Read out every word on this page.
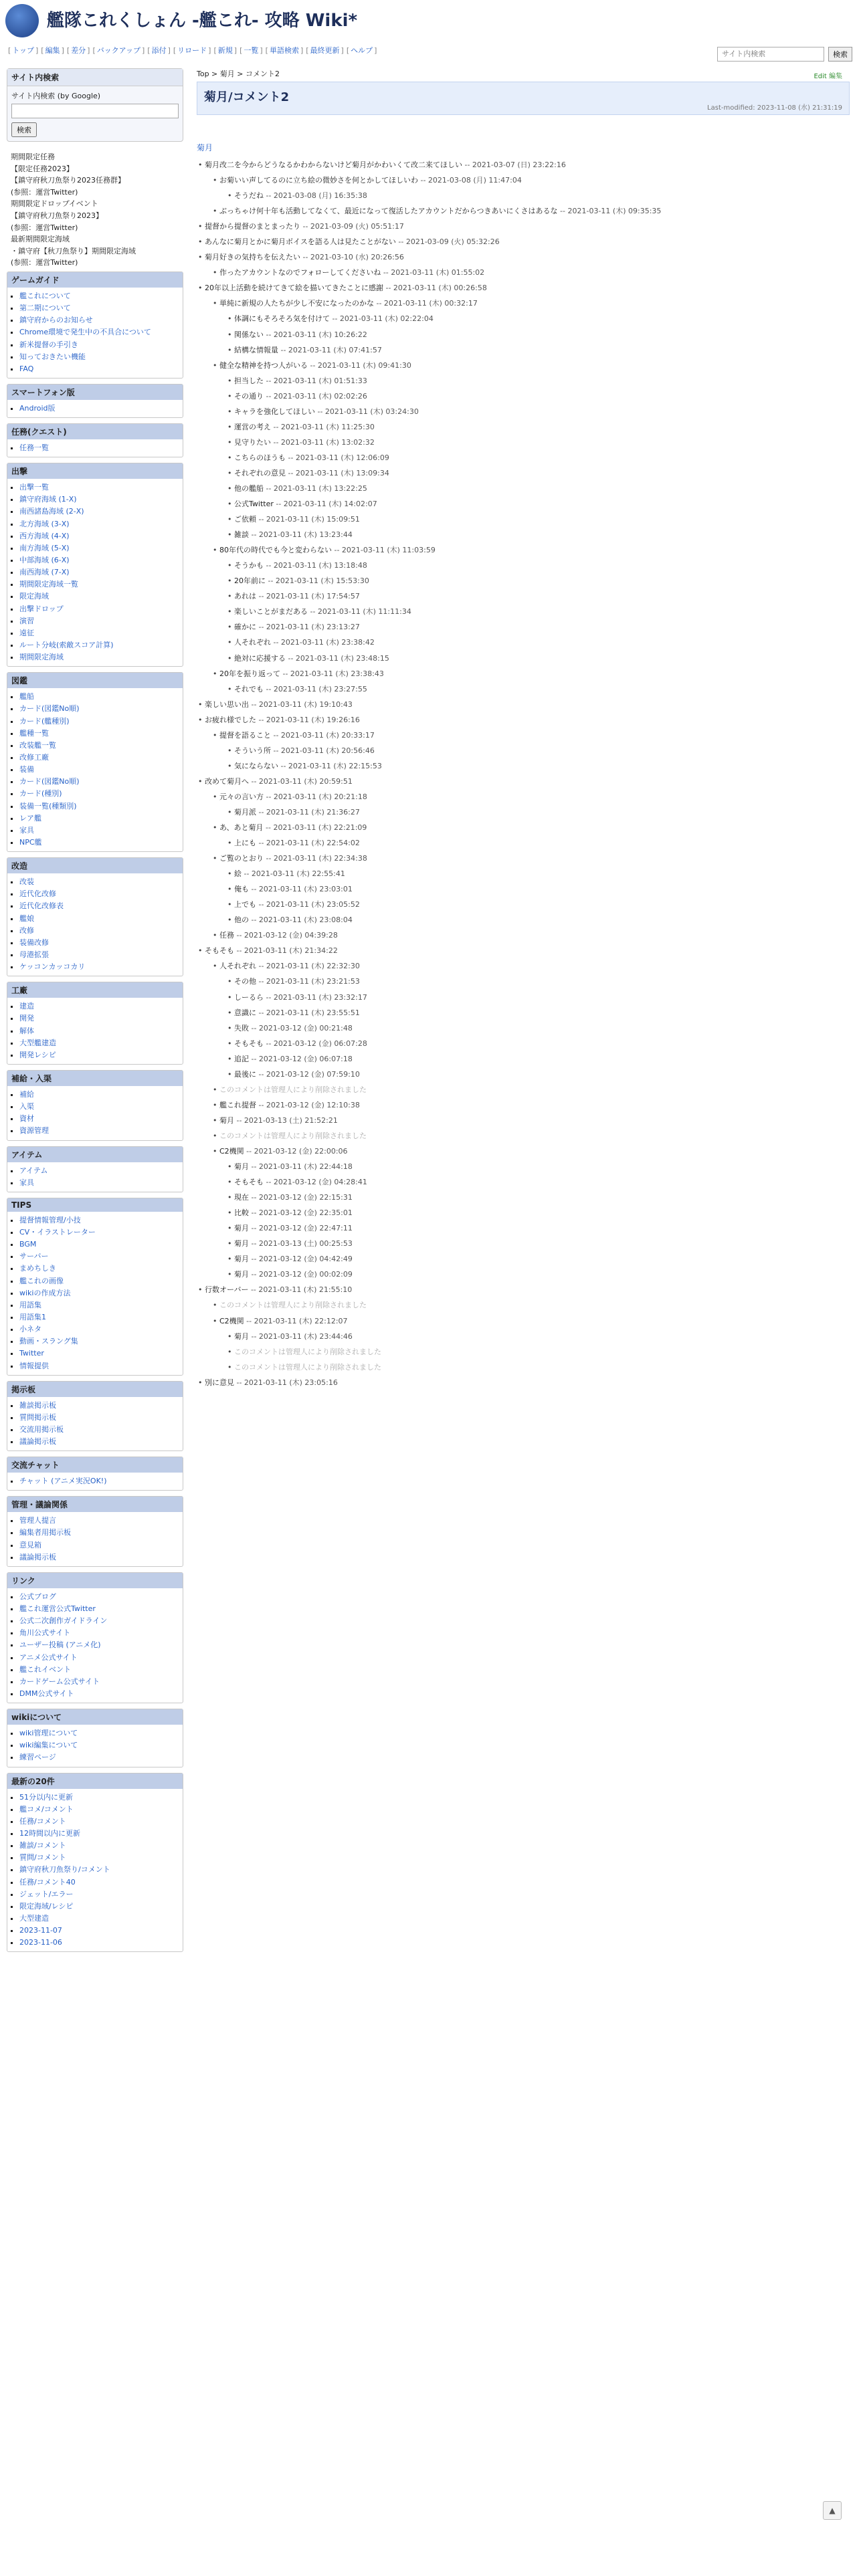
艦隊これくしょん -艦これ- 攻略 Wiki*
[ トップ ] [ 編集 ] [ 差分 ] [ バックアップ ] [ 添付 ] [ リロード ] [ 新規 ] [ 一覧 ] [ 単語検索 ] [ 最終更新 ] [ ヘルプ ]
サイト内検索	検索
サイト内検索
サイト内検索 (by Google)
検索
期間限定任務
【限定任務2023】
【鎮守府秋刀魚祭り2023任務群】
(参照：運営Twitter)
期間限定ドロップイベント
【鎮守府秋刀魚祭り2023】
(参照：運営Twitter)
最新期間限定海域
・鎮守府【秋刀魚祭り】期間限定海域
(参照：運営Twitter)
ゲームガイド
▪ 艦これについて
▪ 第二期について
▪ 鎮守府からのお知らせ
▪ Chrome環境で発生中の不具合について
▪ 新米提督の手引き
▪ 知っておきたい機能
▪ FAQ
スマートフォン版
▪ Android版
任務(クエスト)
▪ 任務一覧
出撃
▪ 出撃一覧
▪ 鎮守府海域 (1-X)
▪ 南西諸島海域 (2-X)
▪ 北方海域 (3-X)
▪ 西方海域 (4-X)
▪ 南方海域 (5-X)
▪ 中部海域 (6-X)
▪ 南西海域 (7-X)
▪ 期間限定海域一覧
▪ 限定海域
▪ 出撃ドロップ
▪ 演習
▪ 遠征
▪ ルート分岐(索敵スコア計算)
▪ 期間限定海域
図鑑
▪ 艦船
▪ カード(図鑑No順)
▪ カード(艦種別)
▪ 艦種一覧
▪ 改装艦一覧
▪ 改修工廠
▪ 装備
▪ カード(図鑑No順)
▪ カード(種別)
▪ 装備一覧(種類別)
▪ レア艦
▪ 家具
▪ NPC艦
改造
▪ 改装
▪ 近代化改修
▪ 近代化改修表
▪ 艦娘
▪ 改修
▪ 装備改修
▪ 母港拡張
▪ ケッコンカッコカリ
工廠
▪ 建造
▪ 開発
▪ 解体
▪ 大型艦建造
▪ 開発レシピ
補給・入渠
▪ 補給
▪ 入渠
▪ 資材
▪ 資源管理
アイテム
▪ アイテム
▪ 家具
TIPS
▪ 提督情報管理/小技
▪ CV・イラストレーター
▪ BGM
▪ サーバー
▪ まめちしき
▪ 艦これの画像
▪ wikiの作成方法
▪ 用語集
▪ 用語集1
▪ 小ネタ
▪ 動画・スラング集
▪ Twitter
▪ 情報提供
掲示板
▪ 雑談掲示板
▪ 質問掲示板
▪ 交流用掲示板
▪ 議論掲示板
交流チャット
▪ チャット (アニメ実況OK!)
管理・議論関係
▪ 管理人提言
▪ 編集者用掲示板
▪ 意見箱
▪ 議論掲示板
リンク
▪ 公式ブログ
▪ 艦これ運営公式Twitter
▪ 公式二次創作ガイドライン
▪ 角川公式サイト
▪ ユーザー投稿 (アニメ化)
▪ アニメ公式サイト
▪ 艦これイベント
▪ カードゲーム公式サイト
▪ DMM公式サイト
wikiについて
▪ wiki管理について
▪ wiki編集について
▪ 練習ページ
最新の20件
▪ 51分以内に更新
▪ 艦コメ/コメント
▪ 任務/コメント
▪ 12時間以内に更新
▪ 雑談/コメント
▪ 質問/コメント
▪ 鎮守府秋刀魚祭り/コメント
▪ 任務/コメント40
▪ ジェット/エラー
▪ 限定海域/レシピ
▪ 大型建造
▪ 2023-11-07
▪ 2023-11-06
Top > 菊月 > コメント2	Edit 編集
菊月/コメント2
Last-modified: 2023-11-08 (水) 21:31:19
菊月
• 菊月改二を今からどうなるかわからないけど菊月がかわいくて改二来てほしい -- 2021-03-07 (日) 23:22:16
• お菊いい声してるのに立ち絵の微妙さを何とかしてほしいわ -- 2021-03-08 (月) 11:47:04
• そうだね -- 2021-03-08 (月) 16:35:38
• ぶっちゃけ何十年も活動してなくて、最近になって復活したアカウントだからつきあいにくさはあるな -- 2021-03-11 (木) 09:35:35
• 提督から提督のまとまったり -- 2021-03-09 (火) 05:51:17
• あんなに菊月とかに菊月ボイスを語る人は見たことがない -- 2021-03-09 (火) 05:32:26
• 菊月好きの気持ちを伝えたい -- 2021-03-10 (水) 20:26:56
• 作ったアカウントなのでフォローしてくださいね -- 2021-03-11 (木) 01:55:02
• 20年以上活動を続けてきて絵を描いてきたことに感謝 -- 2021-03-11 (木) 00:26:58
• 単純に新規の人たちが少し不安になったのかな -- 2021-03-11 (木) 00:32:17
• 体調にもそろそろ気を付けて -- 2021-03-11 (木) 02:22:04
• 関係ない -- 2021-03-11 (木) 10:26:22
• 結構な情報量 -- 2021-03-11 (木) 07:41:57
• 健全な精神を持つ人がいる -- 2021-03-11 (木) 09:41:30
• 担当した -- 2021-03-11 (木) 01:51:33
• その通り -- 2021-03-11 (木) 02:02:26
• キャラを強化してほしい -- 2021-03-11 (木) 03:24:30
• 運営の考え -- 2021-03-11 (木) 11:25:30
• 見守りたい -- 2021-03-11 (木) 13:02:32
• こちらのほうも -- 2021-03-11 (木) 12:06:09
• それぞれの意見 -- 2021-03-11 (木) 13:09:34
• 他の艦船 -- 2021-03-11 (木) 13:22:25
• 公式Twitter -- 2021-03-11 (木) 14:02:07
• ご依頼 -- 2021-03-11 (木) 15:09:51
• 雑談 -- 2021-03-11 (木) 13:23:44
• 80年代の時代でも今と変わらない -- 2021-03-11 (木) 11:03:59
• そうかも -- 2021-03-11 (木) 13:18:48
• 20年前に -- 2021-03-11 (木) 15:53:30
• あれは -- 2021-03-11 (木) 17:54:57
• 楽しいことがまだある -- 2021-03-11 (木) 11:11:34
• 確かに -- 2021-03-11 (木) 23:13:27
• 人それぞれ -- 2021-03-11 (木) 23:38:42
• 絶対に応援する -- 2021-03-11 (木) 23:48:15
• 20年を振り返って -- 2021-03-11 (木) 23:38:43
• それでも -- 2021-03-11 (木) 23:27:55
• 楽しい思い出 -- 2021-03-11 (木) 19:10:43
• お疲れ様でした -- 2021-03-11 (木) 19:26:16
• 提督を語ること -- 2021-03-11 (木) 20:33:17
• そういう所 -- 2021-03-11 (木) 20:56:46
• 気にならない -- 2021-03-11 (木) 22:15:53
• 改めて菊月へ -- 2021-03-11 (木) 20:59:51
• 元々の言い方 -- 2021-03-11 (木) 20:21:18
• 菊月派 -- 2021-03-11 (木) 21:36:27
• あ、あと菊月 -- 2021-03-11 (木) 22:21:09
• 上にも -- 2021-03-11 (木) 22:54:02
• ご覧のとおり -- 2021-03-11 (木) 22:34:38
• 絵 -- 2021-03-11 (木) 22:55:41
• 俺も -- 2021-03-11 (木) 23:03:01
• 上でも -- 2021-03-11 (木) 23:05:52
• 他の -- 2021-03-11 (木) 23:08:04
• 任務 -- 2021-03-12 (金) 04:39:28
• そもそも -- 2021-03-11 (木) 21:34:22
• 人それぞれ -- 2021-03-11 (木) 22:32:30
• その他 -- 2021-03-11 (木) 23:21:53
• しーるら -- 2021-03-11 (木) 23:32:17
• 意識に -- 2021-03-11 (木) 23:55:51
• 失敗 -- 2021-03-12 (金) 00:21:48
• そもそも -- 2021-03-12 (金) 06:07:28
• 追記 -- 2021-03-12 (金) 06:07:18
• 最後に -- 2021-03-12 (金) 07:59:10
• このコメントは管理人により削除されました
• 艦これ提督 -- 2021-03-12 (金) 12:10:38
• 菊月 -- 2021-03-13 (土) 21:52:21
• このコメントは管理人により削除されました
• C2機関 -- 2021-03-12 (金) 22:00:06
• 菊月 -- 2021-03-11 (木) 22:44:18
• そもそも -- 2021-03-12 (金) 04:28:41
• 現在 -- 2021-03-12 (金) 22:15:31
• 比較 -- 2021-03-12 (金) 22:35:01
• 菊月 -- 2021-03-12 (金) 22:47:11
• 菊月 -- 2021-03-13 (土) 00:25:53
• 菊月 -- 2021-03-12 (金) 04:42:49
• 菊月 -- 2021-03-12 (金) 00:02:09
• 行数オーバー -- 2021-03-11 (木) 21:55:10
• このコメントは管理人により削除されました
• C2機関 -- 2021-03-11 (木) 22:12:07
• 菊月 -- 2021-03-11 (木) 23:44:46
• このコメントは管理人により削除されました
• このコメントは管理人により削除されました
• 別に意見 -- 2021-03-11 (木) 23:05:16
▲
